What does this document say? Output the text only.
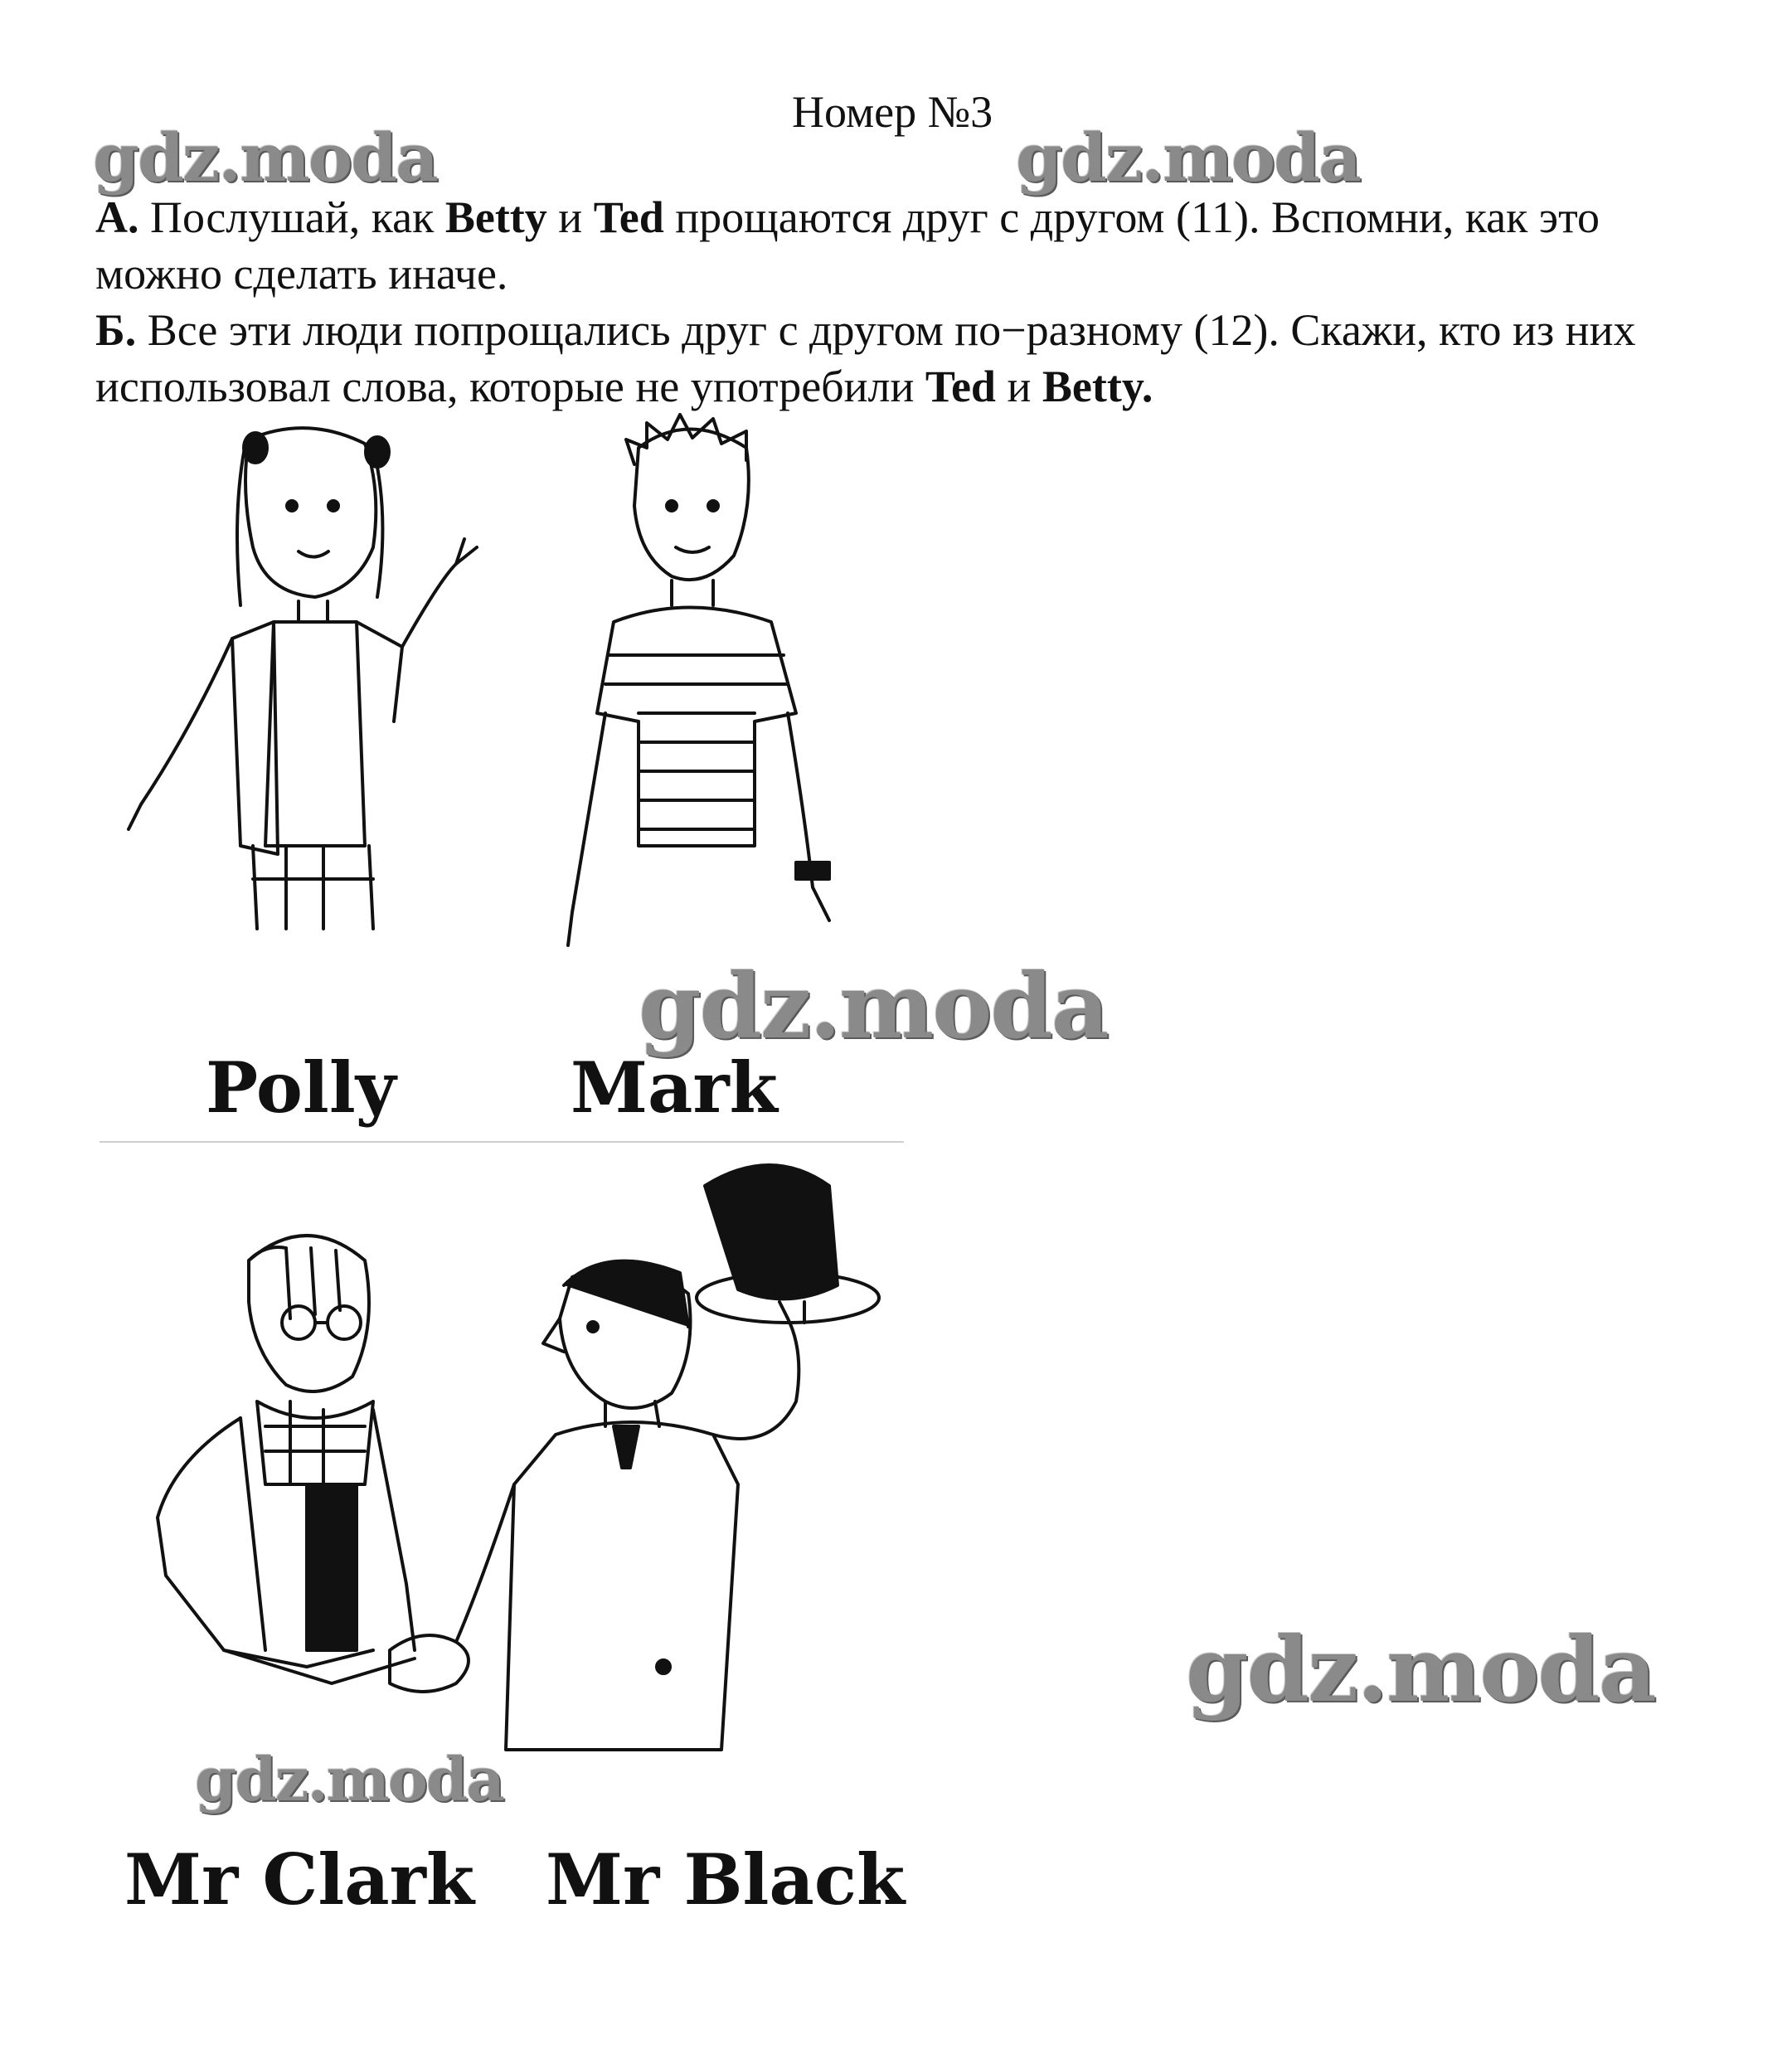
Номер №3
gdz.moda	gdz.moda
А. Послушай, как Betty и Ted прощаются друг с другом (11). Вспомни, как это можно сделать иначе.
Б. Все эти люди попрощались друг с другом по−разному (12). Скажи, кто из них использовал слова, которые не употребили Ted и Betty.
gdz.moda
Polly	Mark
gdz.moda
gdz.moda
Mr Clark Mr Black
